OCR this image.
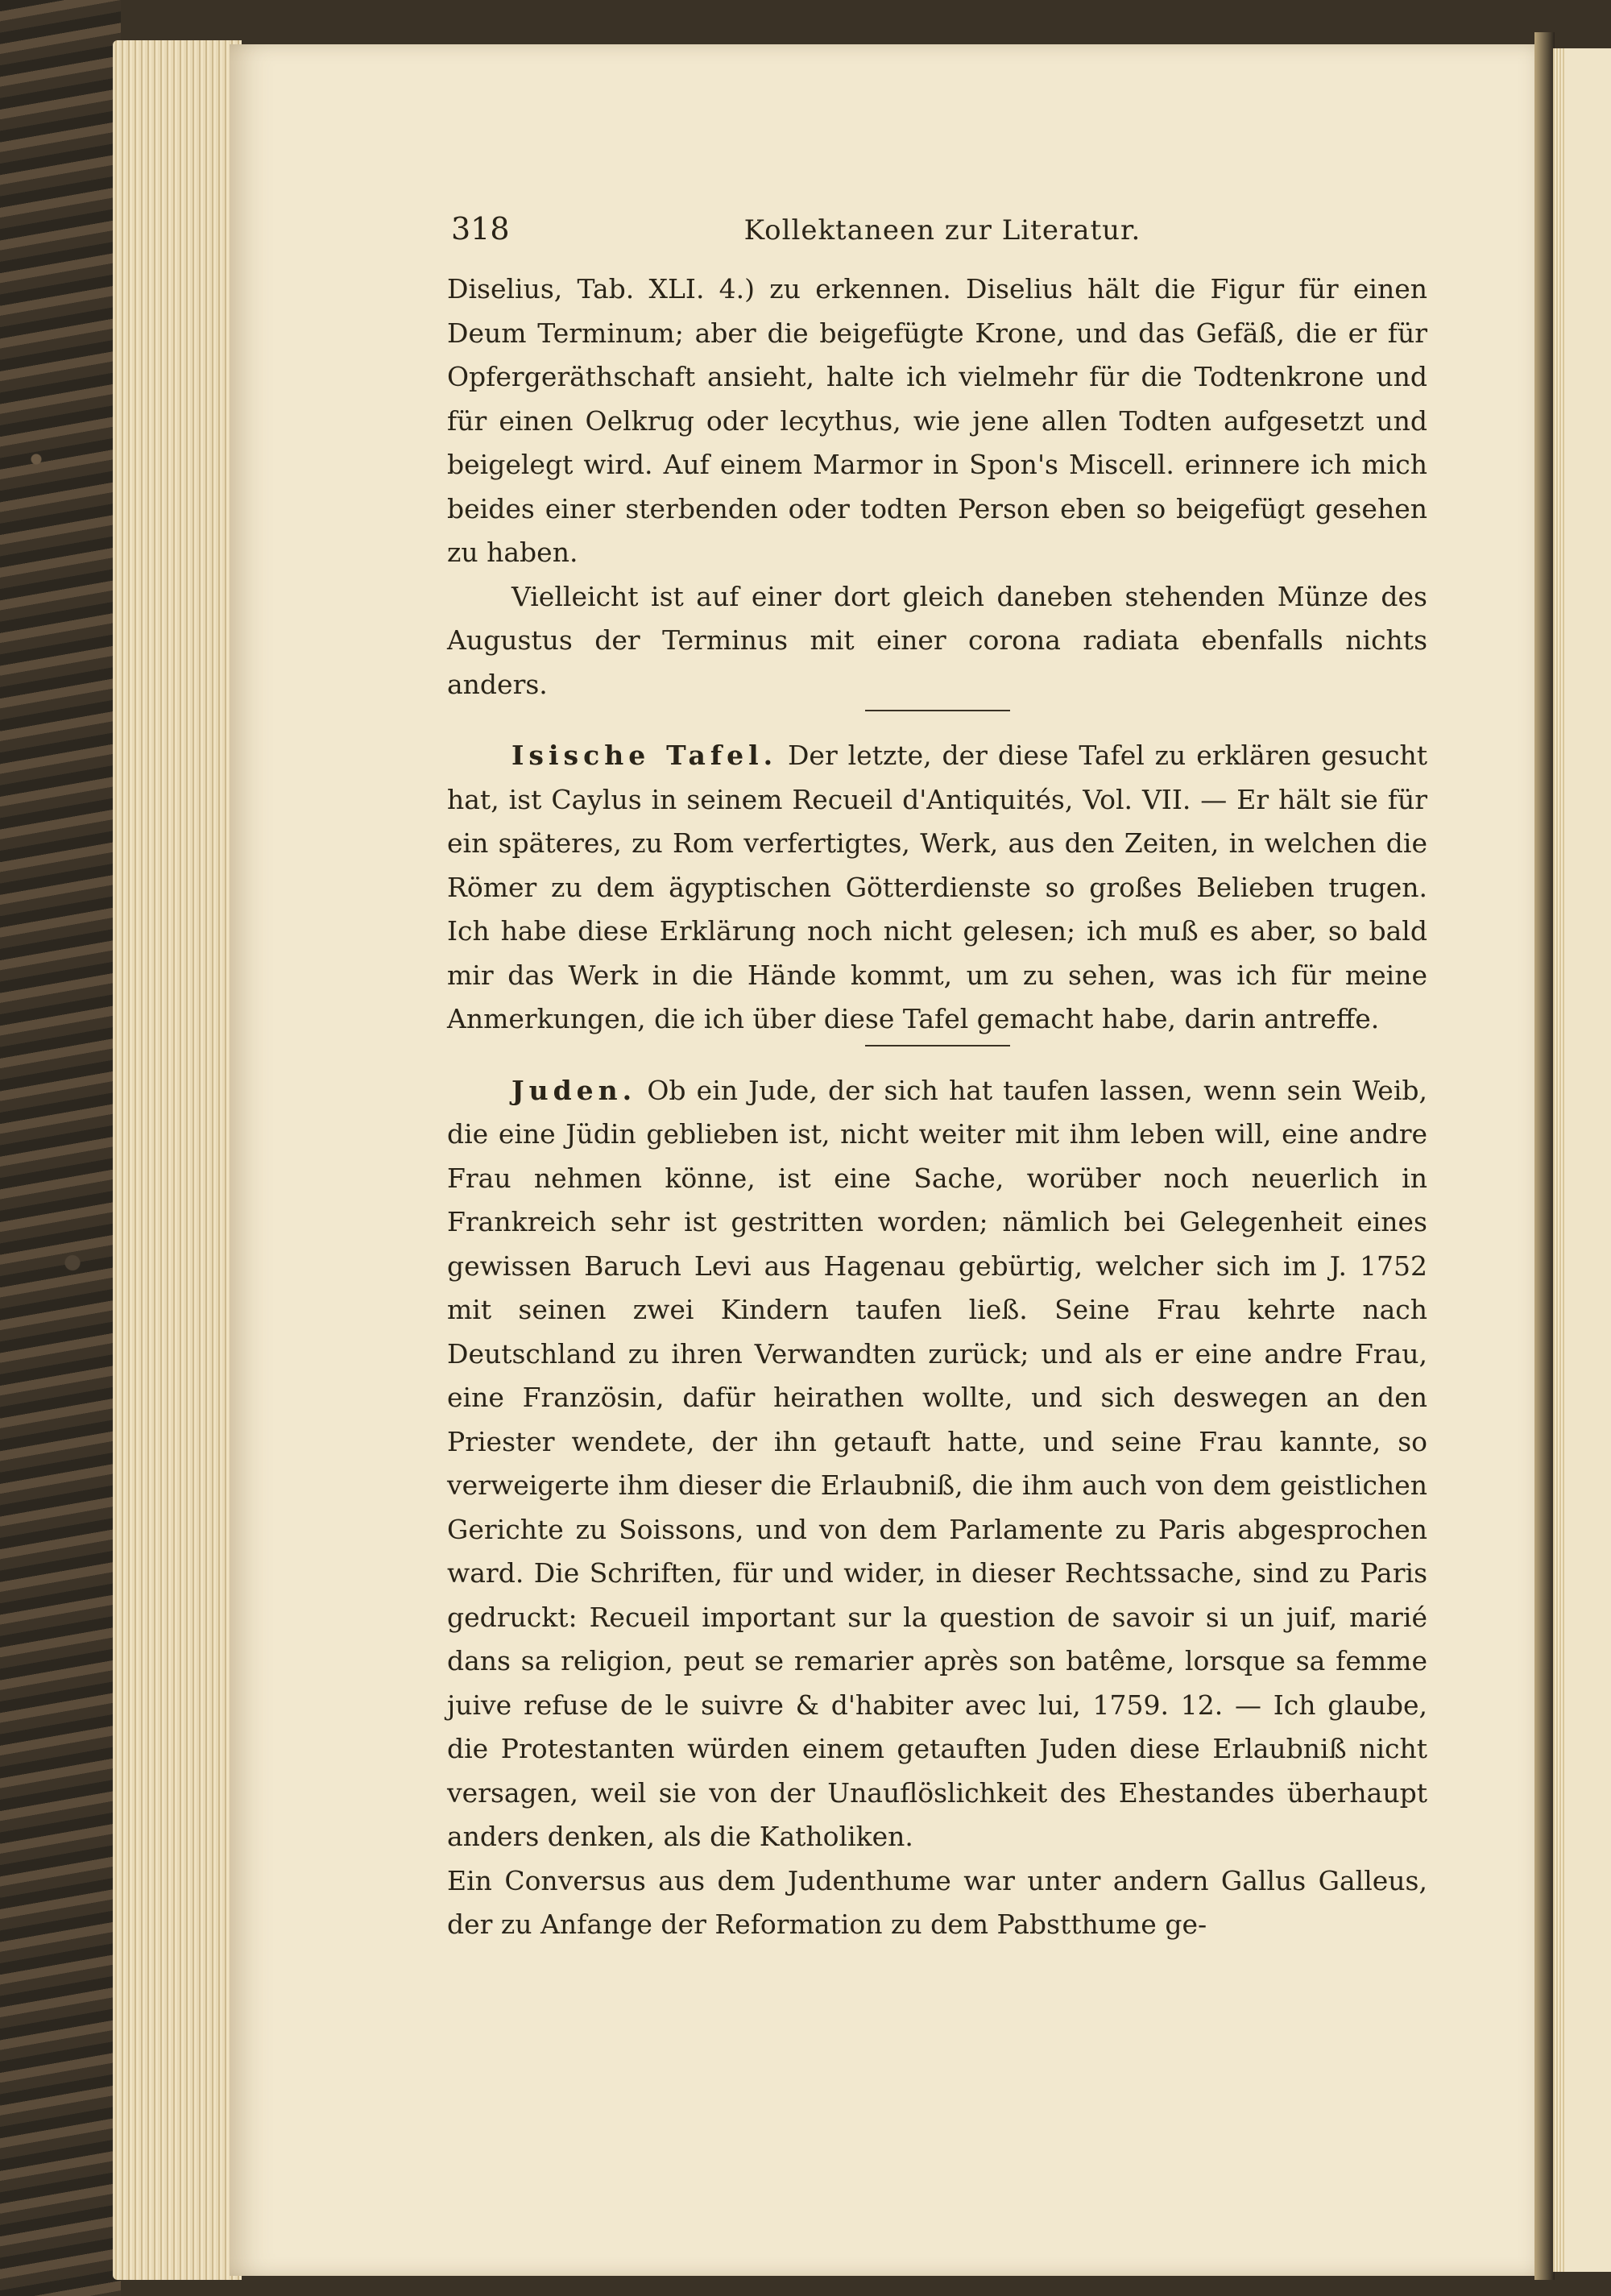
318	Kollektaneen zur Literatur.

Diselius, Tab. XLI. 4.) zu erkennen. Diselius hält die Figur für einen Deum Terminum; aber die beigefügte Krone, und das Gefäß, die er für Opfergeräthschaft ansieht, halte ich vielmehr für die Todtenkrone und für einen Oelkrug oder lecythus, wie jene allen Todten aufgesetzt und beigelegt wird. Auf einem Marmor in Spon's Miscell. erinnere ich mich beides einer sterbenden oder todten Person eben so beigefügt gesehen zu haben.

Vielleicht ist auf einer dort gleich daneben stehenden Münze des Augustus der Terminus mit einer corona radiata ebenfalls nichts anders.

Isische Tafel. Der letzte, der diese Tafel zu erklären gesucht hat, ist Caylus in seinem Recueil d'Antiquités, Vol. VII. — Er hält sie für ein späteres, zu Rom verfertigtes, Werk, aus den Zeiten, in welchen die Römer zu dem ägyptischen Götterdienste so großes Belieben trugen. Ich habe diese Erklärung noch nicht gelesen; ich muß es aber, so bald mir das Werk in die Hände kommt, um zu sehen, was ich für meine Anmerkungen, die ich über diese Tafel gemacht habe, darin antreffe.

Juden. Ob ein Jude, der sich hat taufen lassen, wenn sein Weib, die eine Jüdin geblieben ist, nicht weiter mit ihm leben will, eine andre Frau nehmen könne, ist eine Sache, worüber noch neuerlich in Frankreich sehr ist gestritten worden; nämlich bei Gelegenheit eines gewissen Baruch Levi aus Hagenau gebürtig, welcher sich im J. 1752 mit seinen zwei Kindern taufen ließ. Seine Frau kehrte nach Deutschland zu ihren Verwandten zurück; und als er eine andre Frau, eine Französin, dafür heirathen wollte, und sich deswegen an den Priester wendete, der ihn getauft hatte, und seine Frau kannte, so verweigerte ihm dieser die Erlaubniß, die ihm auch von dem geistlichen Gerichte zu Soissons, und von dem Parlamente zu Paris abgesprochen ward. Die Schriften, für und wider, in dieser Rechtssache, sind zu Paris gedruckt: Recueil important sur la question de savoir si un juif, marié dans sa religion, peut se remarier après son batême, lorsque sa femme juive refuse de le suivre & d'habiter avec lui, 1759. 12. — Ich glaube, die Protestanten würden einem getauften Juden diese Erlaubniß nicht versagen, weil sie von der Unauflöslichkeit des Ehestandes überhaupt anders denken, als die Katholiken.

Ein Conversus aus dem Judenthume war unter andern Gallus Galleus, der zu Anfange der Reformation zu dem Pabstthume ge-
